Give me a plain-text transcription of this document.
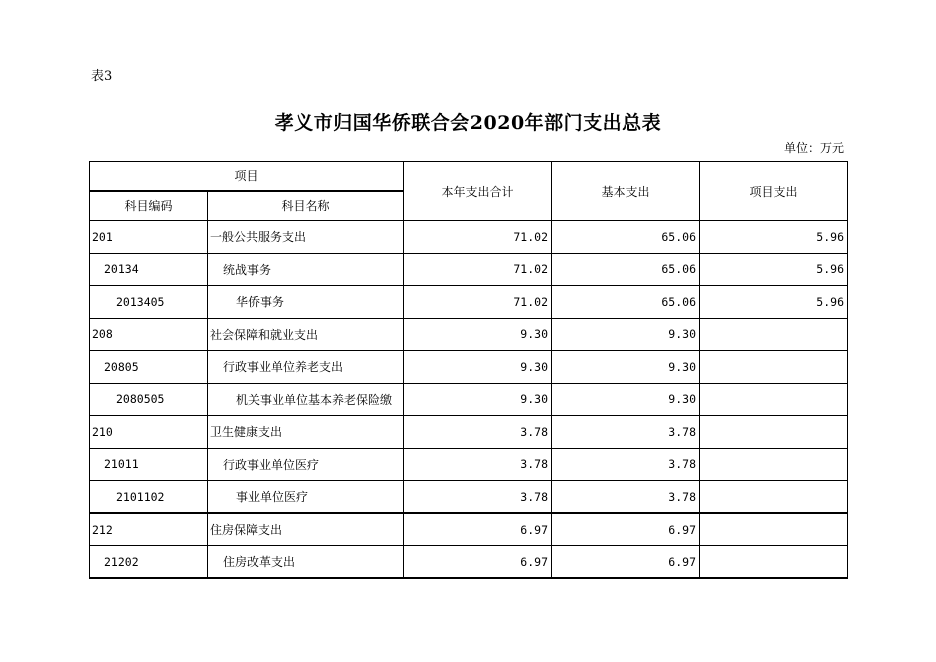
表3
孝义市归国华侨联合会2020年部门支出总表
单位：万元
项目		本年支出合计	基本支出	项目支出
科目编码	科目名称			
201	一般公共服务支出	71.02	65.06	5.96
20134	统战事务	71.02	65.06	5.96
2013405	华侨事务	71.02	65.06	5.96
208	社会保障和就业支出	9.30	9.30	
20805	行政事业单位养老支出	9.30	9.30	
2080505	机关事业单位基本养老保险缴	9.30	9.30	
210	卫生健康支出	3.78	3.78	
21011	行政事业单位医疗	3.78	3.78	
2101102	事业单位医疗	3.78	3.78	
212	住房保障支出	6.97	6.97	
21202	住房改革支出	6.97	6.97	
